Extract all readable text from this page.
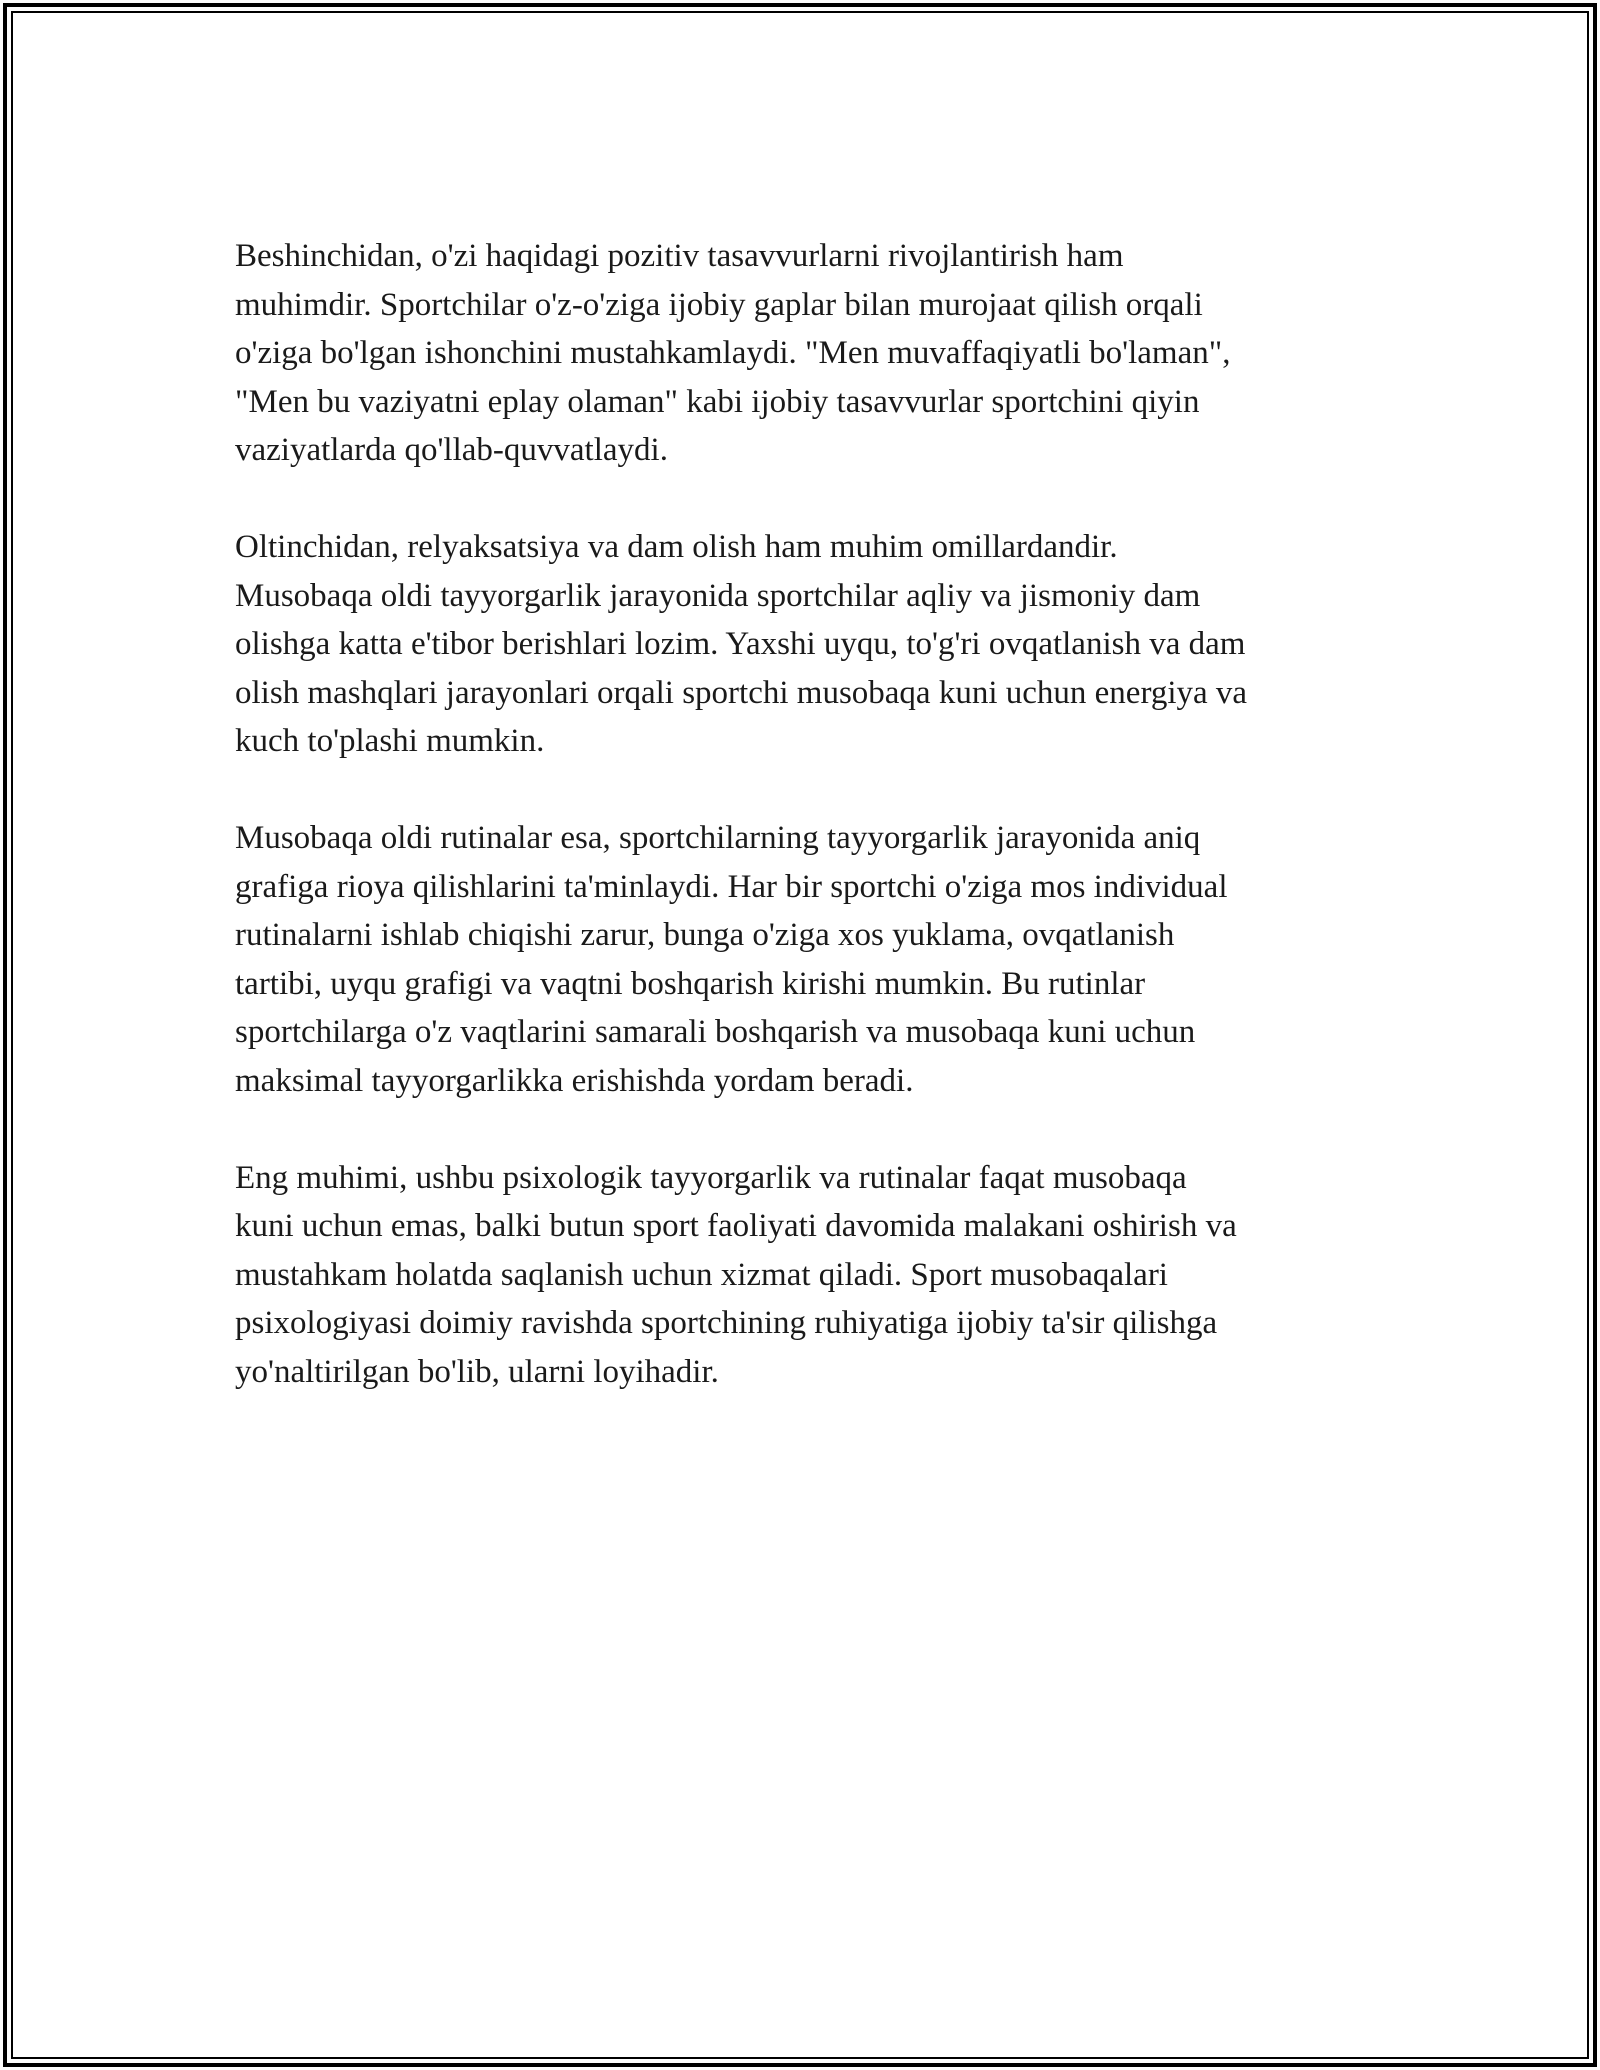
Beshinchidan, o'zi haqidagi pozitiv tasavvurlarni rivojlantirish ham
muhimdir. Sportchilar o'z-o'ziga ijobiy gaplar bilan murojaat qilish orqali
o'ziga bo'lgan ishonchini mustahkamlaydi. "Men muvaffaqiyatli bo'laman",
"Men bu vaziyatni eplay olaman" kabi ijobiy tasavvurlar sportchini qiyin
vaziyatlarda qo'llab-quvvatlaydi.

Oltinchidan, relyaksatsiya va dam olish ham muhim omillardandir.
Musobaqa oldi tayyorgarlik jarayonida sportchilar aqliy va jismoniy dam
olishga katta e'tibor berishlari lozim. Yaxshi uyqu, to'g'ri ovqatlanish va dam
olish mashqlari jarayonlari orqali sportchi musobaqa kuni uchun energiya va
kuch to'plashi mumkin.

Musobaqa oldi rutinalar esa, sportchilarning tayyorgarlik jarayonida aniq
grafiga rioya qilishlarini ta'minlaydi. Har bir sportchi o'ziga mos individual
rutinalarni ishlab chiqishi zarur, bunga o'ziga xos yuklama, ovqatlanish
tartibi, uyqu grafigi va vaqtni boshqarish kirishi mumkin. Bu rutinlar
sportchilarga o'z vaqtlarini samarali boshqarish va musobaqa kuni uchun
maksimal tayyorgarlikka erishishda yordam beradi.

Eng muhimi, ushbu psixologik tayyorgarlik va rutinalar faqat musobaqa
kuni uchun emas, balki butun sport faoliyati davomida malakani oshirish va
mustahkam holatda saqlanish uchun xizmat qiladi. Sport musobaqalari
psixologiyasi doimiy ravishda sportchining ruhiyatiga ijobiy ta'sir qilishga
yo'naltirilgan bo'lib, ularni loyihadir.
